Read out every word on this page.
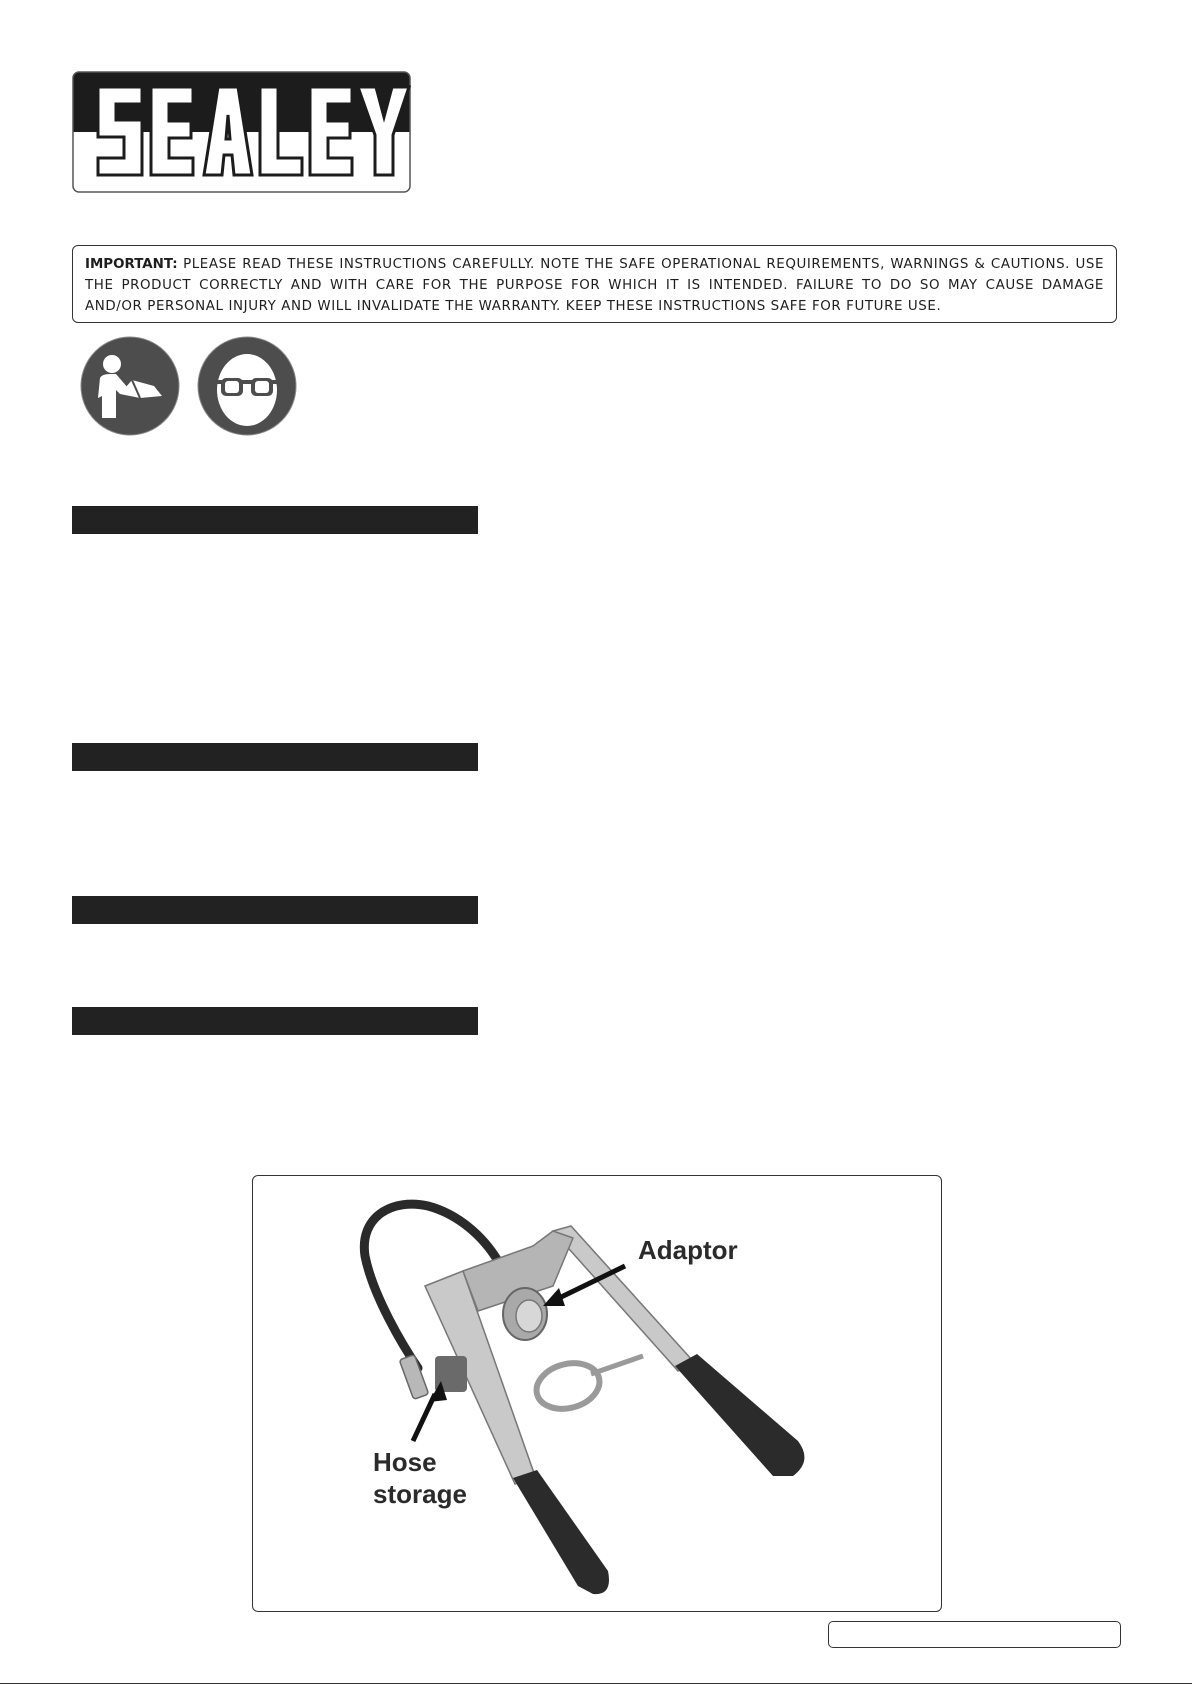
IMPORTANT: PLEASE READ THESE INSTRUCTIONS CAREFULLY. NOTE THE SAFE OPERATIONAL REQUIREMENTS, WARNINGS & CAUTIONS. USE THE PRODUCT CORRECTLY AND WITH CARE FOR THE PURPOSE FOR WHICH IT IS INTENDED. FAILURE TO DO SO MAY CAUSE DAMAGE AND/OR PERSONAL INJURY AND WILL INVALIDATE THE WARRANTY. KEEP THESE INSTRUCTIONS SAFE FOR FUTURE USE.
Adaptor
Hose
storage
